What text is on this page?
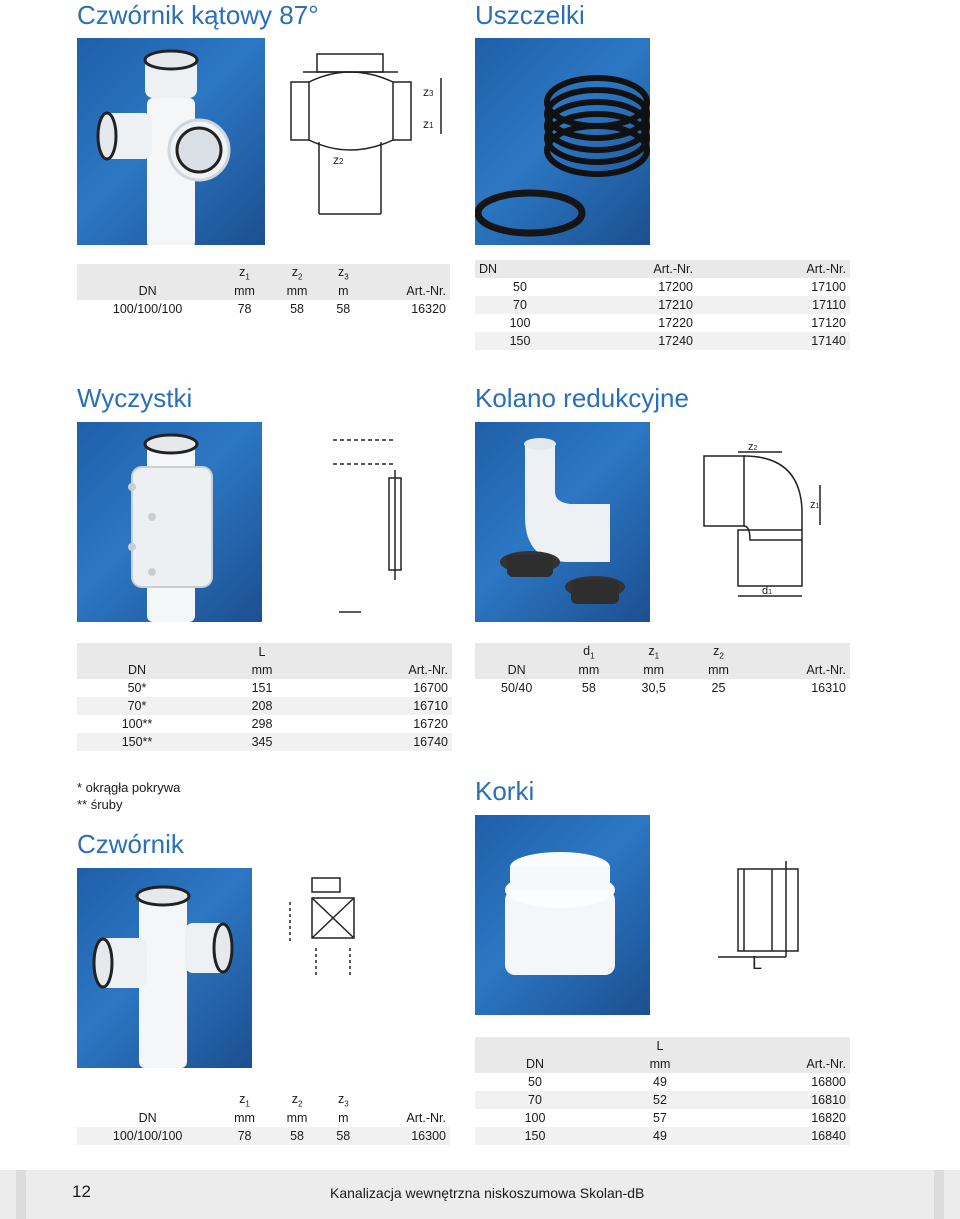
Czwórnik kątowy 87°
z3
z1
z2
	$z_1$	$z_2$	$z_3$	
DN	mm	mm	m	Art.-Nr.
100/100/100	78	58	58	16320
Uszczelki
DN	Art.-Nr.	Art.-Nr.
50	17200	17100
70	17210	17110
100	17220	17120
150	17240	17140
Wyczystki
	L	
DN	mm	Art.-Nr.
50*	151	16700
70*	208	16710
100**	298	16720
150**	345	16740
* okrągła pokrywa
** śruby
Kolano redukcyjne
z2
z1
d1
	$d_1$	$z_1$	$z_2$	
DN	mm	mm	mm	Art.-Nr.
50/40	58	30,5	25	16310
Czwórnik
	$z_1$	$z_2$	$z_3$	
DN	mm	mm	m	Art.-Nr.
100/100/100	78	58	58	16300
Korki
L
	L	
DN	mm	Art.-Nr.
50	49	16800
70	52	16810
100	57	16820
150	49	16840
12	Kanalizacja wewnętrzna niskoszumowa Skolan-dB
